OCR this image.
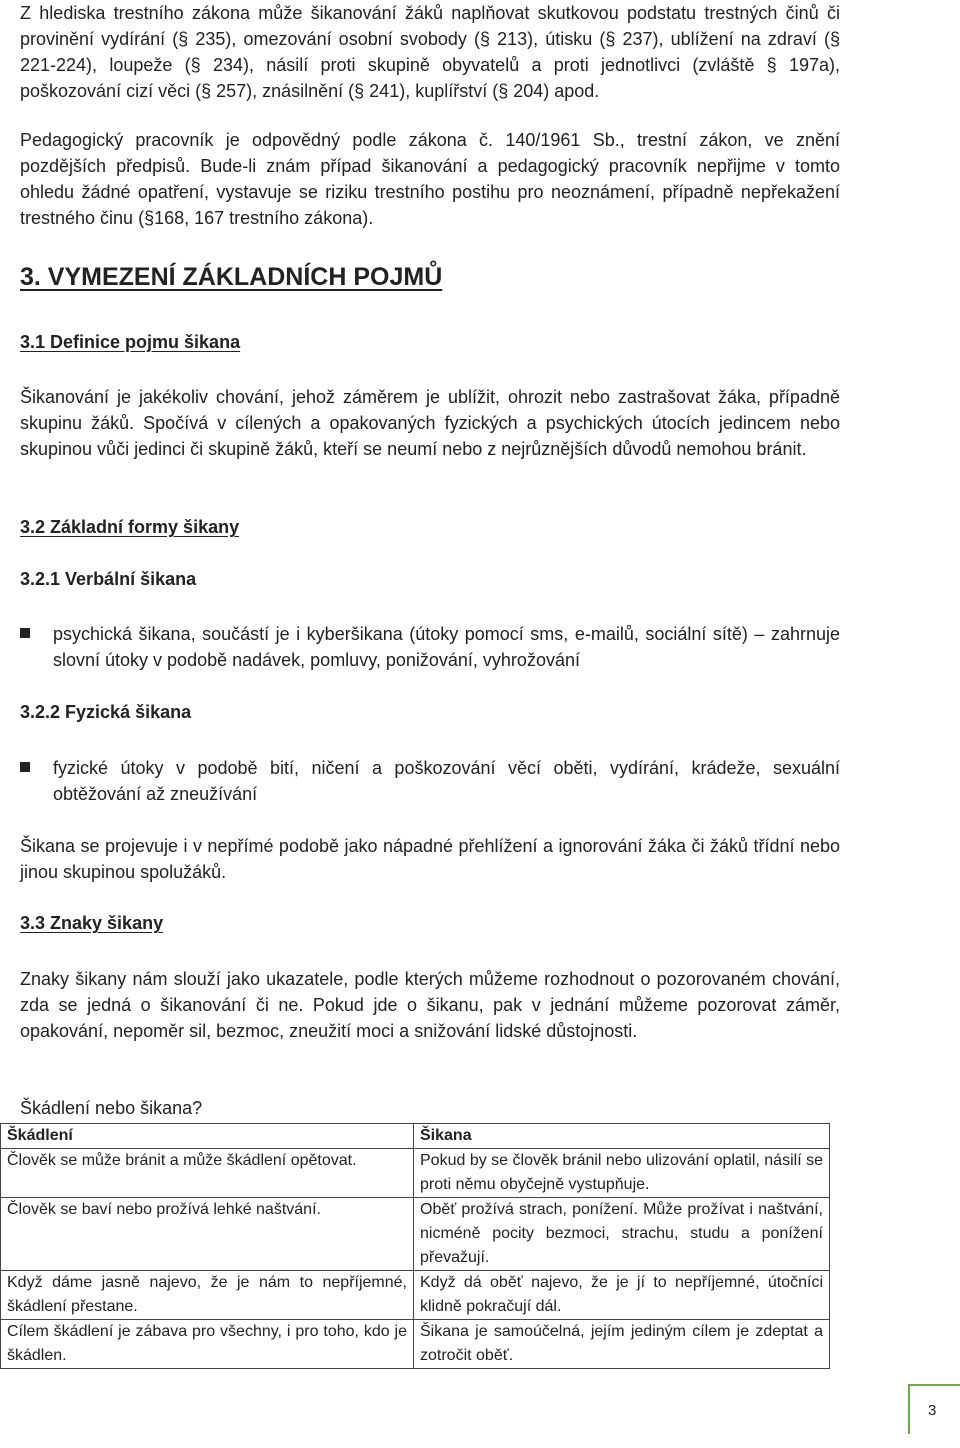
Z hlediska trestního zákona může šikanování žáků naplňovat skutkovou podstatu trestných činů či provinění vydírání (§ 235), omezování osobní svobody (§ 213), útisku (§ 237), ublížení na zdraví (§ 221-224), loupeže (§ 234), násilí proti skupině obyvatelů a proti jednotlivci (zvláště § 197a), poškozování cizí věci (§ 257), znásilnění (§ 241), kuplířství (§ 204) apod.

Pedagogický pracovník je odpovědný podle zákona č. 140/1961 Sb., trestní zákon, ve znění pozdějších předpisů. Bude-li znám případ šikanování a pedagogický pracovník nepřijme v tomto ohledu žádné opatření, vystavuje se riziku trestního postihu pro neoznámení, případně nepřekažení trestného činu (§168, 167 trestního zákona).

3. VYMEZENÍ ZÁKLADNÍCH POJMŮ
3.1 Definice pojmu šikana

Šikanování je jakékoliv chování, jehož záměrem je ublížit, ohrozit nebo zastrašovat žáka, případně skupinu žáků. Spočívá v cílených a opakovaných fyzických a psychických útocích jedincem nebo skupinou vůči jedinci či skupině žáků, kteří se neumí nebo z nejrůznějších důvodů nemohou bránit.

3.2 Základní formy šikany
3.2.1 Verbální šikana

psychická šikana, součástí je i kyberšikana (útoky pomocí sms, e-mailů, sociální sítě) – zahrnuje slovní útoky v podobě nadávek, pomluvy, ponižování, vyhrožování

3.2.2 Fyzická šikana

fyzické útoky v podobě bití, ničení a poškozování věcí oběti, vydírání, krádeže, sexuální obtěžování až zneužívání

Šikana se projevuje i v nepřímé podobě jako nápadné přehlížení a ignorování žáka či žáků třídní nebo jinou skupinou spolužáků.

3.3 Znaky šikany

Znaky šikany nám slouží jako ukazatele, podle kterých můžeme rozhodnout o pozorovaném chování, zda se jedná o šikanování či ne. Pokud jde o šikanu, pak v jednání můžeme pozorovat záměr, opakování, nepoměr sil, bezmoc, zneužití moci a snižování lidské důstojnosti.

Škádlení nebo šikana?
Škádlení	Šikana
Člověk se může bránit a může škádlení opětovat.	Pokud by se člověk bránil nebo ulizování oplatil, násilí se proti němu obyčejně vystupňuje.
Člověk se baví nebo prožívá lehké naštvání.	Oběť prožívá strach, ponížení. Může prožívat i naštvání, nicméně pocity bezmoci, strachu, studu a ponížení převažují.
Když dáme jasně najevo, že je nám to nepříjemné, škádlení přestane.	Když dá oběť najevo, že je jí to nepříjemné, útočníci klidně pokračují dál.
Cílem škádlení je zábava pro všechny, i pro toho, kdo je škádlen.	Šikana je samoúčelná, jejím jediným cílem je zdeptat a zotročit oběť.
3
